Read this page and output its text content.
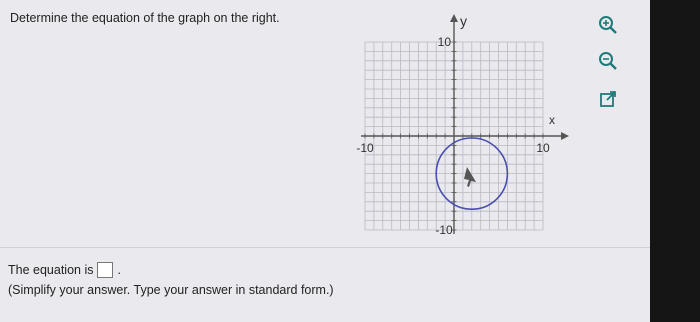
Determine the equation of the graph on the right.	y
x
10
-10
-10	10
The equation is .
(Simplify your answer. Type your answer in standard form.)
